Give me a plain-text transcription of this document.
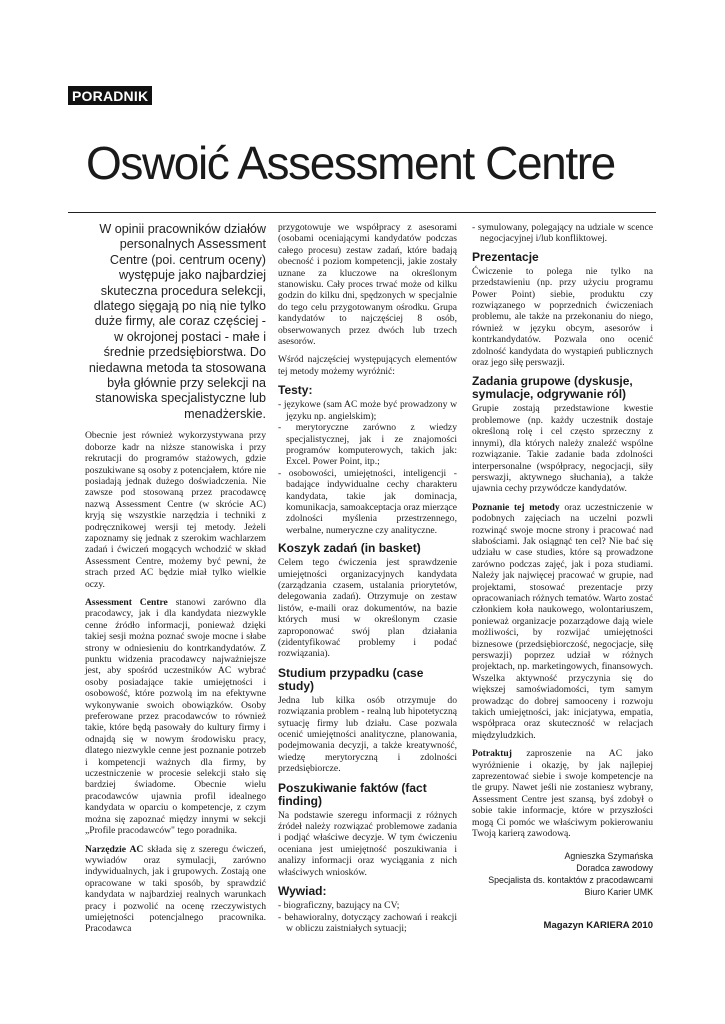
PORADNIK
Oswoić Assessment Centre
W opinii pracowników działów personalnych Assessment Centre (poi. centrum oceny) występuje jako najbardziej skuteczna procedura selekcji, dlatego sięgają po nią nie tylko duże firmy, ale coraz częściej - w okrojonej postaci - małe i średnie przedsiębiorstwa. Do niedawna metoda ta stosowana była głównie przy selekcji na stanowiska specjalistyczne lub menadżerskie.

Obecnie jest również wykorzystywana przy doborze kadr na niższe stanowiska i przy rekrutacji do programów stażowych, gdzie poszukiwane są osoby z potencjałem, które nie posiadają jednak dużego doświadczenia. Nie zawsze pod stosowaną przez pracodawcę nazwą Assessment Centre (w skrócie AC) kryją się wszystkie narzędzia i techniki z podręcznikowej wersji tej metody. Jeżeli zapoznamy się jednak z szerokim wachlarzem zadań i ćwiczeń mogących wchodzić w skład Assessment Centre, możemy być pewni, że strach przed AC będzie miał tylko wielkie oczy.

Assessment Centre stanowi zarówno dla pracodawcy, jak i dla kandydata niezwykle cenne źródło informacji, ponieważ dzięki takiej sesji można poznać swoje mocne i słabe strony w odniesieniu do kontrkandydatów. Z punktu widzenia pracodawcy najważniejsze jest, aby spośród uczestników AC wybrać osoby posiadające takie umiejętności i osobowość, które pozwolą im na efektywne wykonywanie swoich obowiązków. Osoby preferowane przez pracodawców to również takie, które będą pasowały do kultury firmy i odnajdą się w nowym środowisku pracy, dlatego niezwykle cenne jest poznanie potrzeb i kompetencji ważnych dla firmy, by uczestniczenie w procesie selekcji stało się bardziej świadome. Obecnie wielu pracodawców ujawnia profil idealnego kandydata w oparciu o kompetencje, z czym można się zapoznać między innymi w sekcji „Profile pracodawców" tego poradnika.

Narzędzie AC składa się z szeregu ćwiczeń, wywiadów oraz symulacji, zarówno indywidualnych, jak i grupowych. Zostają one opracowane w taki sposób, by sprawdzić kandydata w najbardziej realnych warunkach pracy i pozwolić na ocenę rzeczywistych umiejętności potencjalnego pracownika. Pracodawca

przygotowuje we współpracy z asesorami (osobami oceniającymi kandydatów podczas całego procesu) zestaw zadań, które badają obecność i poziom kompetencji, jakie zostały uznane za kluczowe na określonym stanowisku. Cały proces trwać może od kilku godzin do kilku dni, spędzonych w specjalnie do tego celu przygotowanym ośrodku. Grupa kandydatów to najczęściej 8 osób, obserwowanych przez dwóch lub trzech asesorów.

Wśród najczęściej występujących elementów tej metody możemy wyróżnić:

Testy:
- językowe (sam AC może być prowadzony w języku np. angielskim);
- merytoryczne zarówno z wiedzy specjalistycznej, jak i ze znajomości programów komputerowych, takich jak: Excel. Power Point, itp.;
- osobowości, umiejętności, inteligencji - badające indywidualne cechy charakteru kandydata, takie jak dominacja, komunikacja, samoakceptacja oraz mierzące zdolności myślenia przestrzennego, werbalne, numeryczne czy analityczne.
Koszyk zadań (in basket)

Celem tego ćwiczenia jest sprawdzenie umiejętności organizacyjnych kandydata (zarządzania czasem, ustalania priorytetów, delegowania zadań). Otrzymuje on zestaw listów, e-maili oraz dokumentów, na bazie których musi w określonym czasie zaproponować swój plan działania (zidentyfikować problemy i podać rozwiązania).

Studium przypadku (case study)

Jedna lub kilka osób otrzymuje do rozwiązania problem - realną lub hipotetyczną sytuację firmy lub działu. Case pozwala ocenić umiejętności analityczne, planowania, podejmowania decyzji, a także kreatywność, wiedzę merytoryczną i zdolności przedsiębiorcze.

Poszukiwanie faktów (fact finding)

Na podstawie szeregu informacji z różnych źródeł należy rozwiązać problemowe zadania i podjąć właściwe decyzje. W tym ćwiczeniu oceniana jest umiejętność poszukiwania i analizy informacji oraz wyciągania z nich właściwych wniosków.

Wywiad:
- biograficzny, bazujący na CV;
- behawioralny, dotyczący zachowań i reakcji w obliczu zaistniałych sytuacji;
- symulowany, polegający na udziale w scence negocjacyjnej i/lub konfliktowej.
Prezentacje

Ćwiczenie to polega nie tylko na przedstawieniu (np. przy użyciu programu Power Point) siebie, produktu czy rozwiązanego w poprzednich ćwiczeniach problemu, ale także na przekonaniu do niego, również w języku obcym, asesorów i kontrkandydatów. Pozwala ono ocenić zdolność kandydata do wystąpień publicznych oraz jego siłę perswazji.

Zadania grupowe (dyskusje, symulacje, odgrywanie ról)

Grupie zostają przedstawione kwestie problemowe (np. każdy uczestnik dostaje określoną rolę i cel często sprzeczny z innymi), dla których należy znaleźć wspólne rozwiązanie. Takie zadanie bada zdolności interpersonalne (współpracy, negocjacji, siły perswazji, aktywnego słuchania), a także ujawnia cechy przywódcze kandydatów.

Poznanie tej metody oraz uczestniczenie w podobnych zajęciach na uczelni pozwli rozwinąć swoje mocne strony i pracować nad słabościami. Jak osiągnąć ten cel? Nie bać się udziału w case studies, które są prowadzone zarówno podczas zajęć, jak i poza studiami. Należy jak najwięcej pracować w grupie, nad projektami, stosować prezentacje przy opracowaniach różnych tematów. Warto zostać członkiem koła naukowego, wolontariuszem, ponieważ organizacje pozarządowe dają wiele możliwości, by rozwijać umiejętności biznesowe (przedsiębiorczość, negocjacje, siłę perswazji) poprzez udział w różnych projektach, np. marketingowych, finansowych. Wszelka aktywność przyczynia się do większej samoświadomości, tym samym prowadząc do dobrej samooceny i rozwoju takich umiejętności, jak: inicjatywa, empatia, współpraca oraz skuteczność w relacjach międzyludzkich.

Potraktuj zaproszenie na AC jako wyróżnienie i okazję, by jak najlepiej zaprezentować siebie i swoje kompetencje na tle grupy. Nawet jeśli nie zostaniesz wybrany, Assessment Centre jest szansą, byś zdobył o sobie takie informacje, które w przyszłości mogą Ci pomóc we właściwym pokierowaniu Twoją karierą zawodową.

Agnieszka Szymańska
Doradca zawodowy
Specjalista ds. kontaktów z pracodawcami
Biuro Karier UMK
Magazyn KARIERA 2010
